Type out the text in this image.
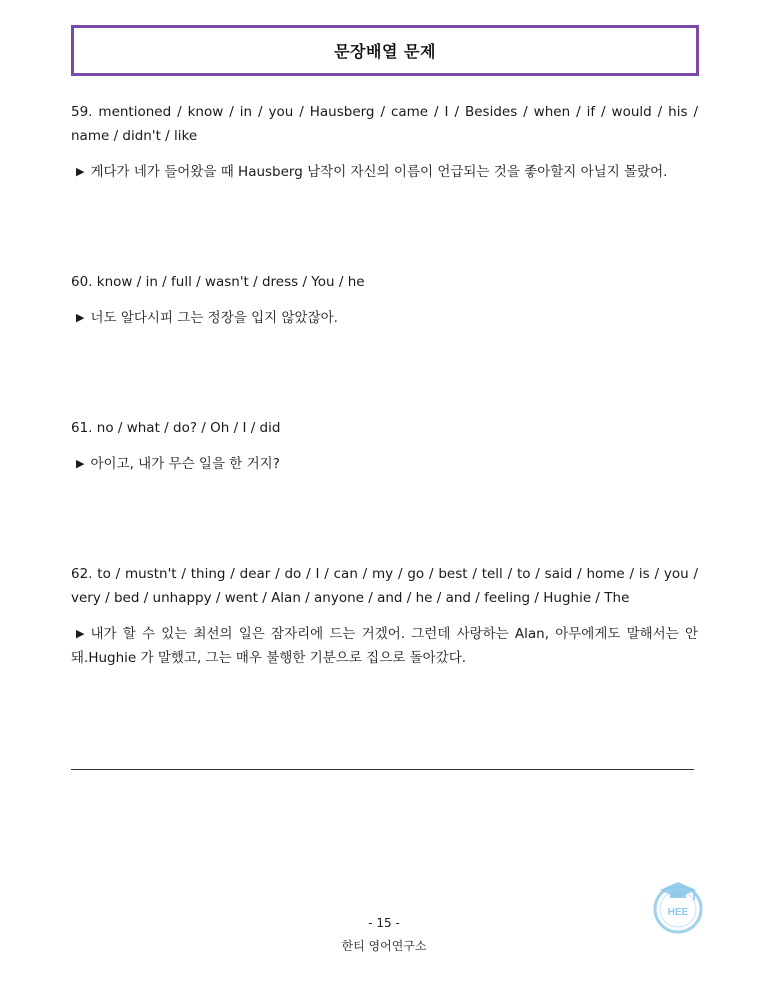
문장배열 문제
59. mentioned / know / in / you / Hausberg / came / I / Besides / when / if / would / his / name / didn't / like
▶ 게다가 네가 들어왔을 때 Hausberg 남작이 자신의 이름이 언급되는 것을 좋아할지 아닐지 몰랐어.
60. know / in / full / wasn't / dress / You / he
▶ 너도 알다시피 그는 정장을 입지 않았잖아.
61. no / what / do? / Oh / I / did
▶ 아이고, 내가 무슨 일을 한 거지?
62. to / mustn't / thing / dear / do / I / can / my / go / best / tell / to / said / home / is / you / very / bed / unhappy / went / Alan / anyone / and / he / and / feeling / Hughie / The
▶ 내가 할 수 있는 최선의 일은 잠자리에 드는 거겠어. 그런데 사랑하는 Alan, 아무에게도 말해서는 안 돼.Hughie 가 말했고, 그는 매우 불행한 기분으로 집으로 돌아갔다.
HEE
- 15 -
한티 영어연구소
